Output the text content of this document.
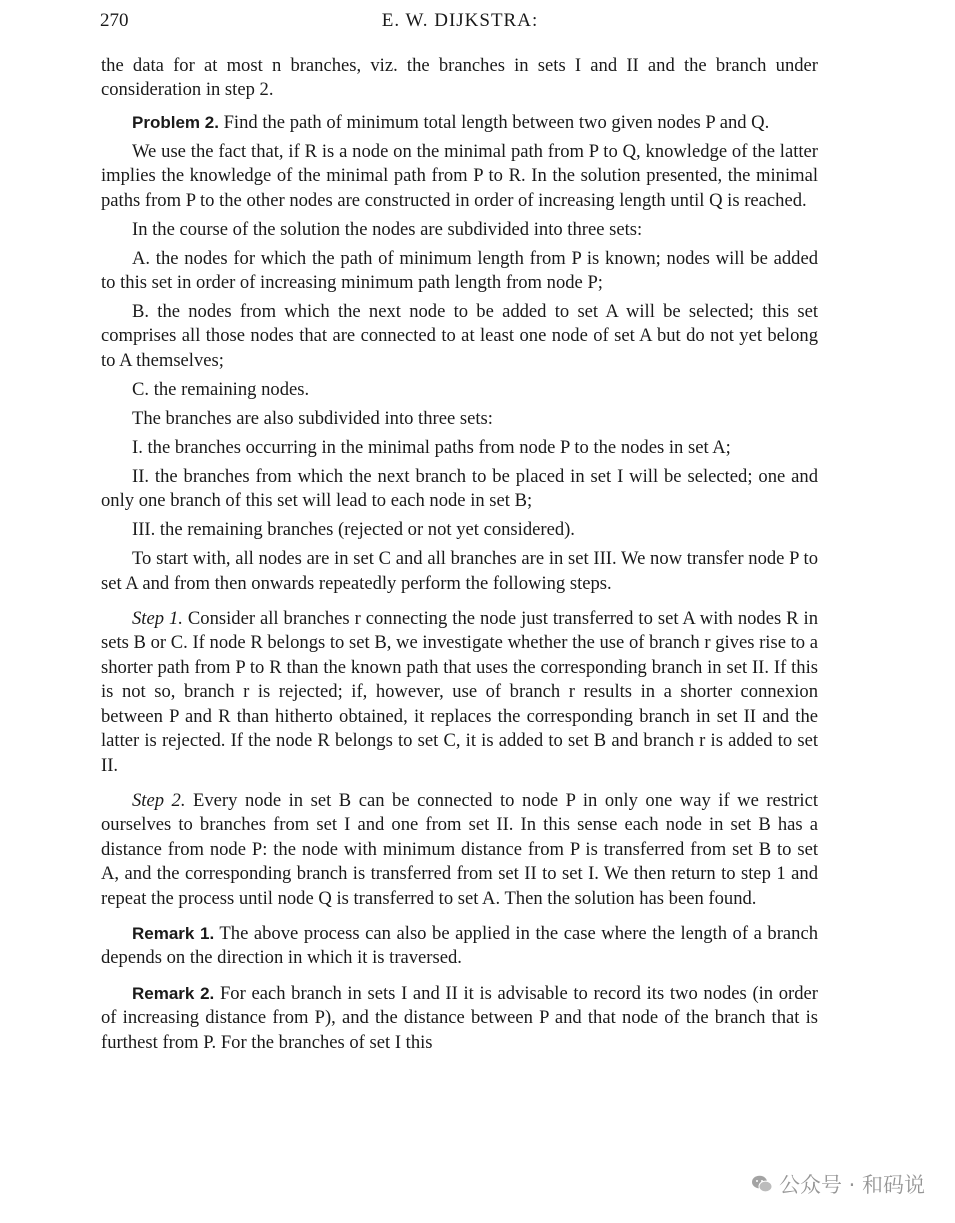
270	E. W. DIJKSTRA:

the data for at most n branches, viz. the branches in sets I and II and the branch under consideration in step 2.

Problem 2. Find the path of minimum total length between two given nodes P and Q.

We use the fact that, if R is a node on the minimal path from P to Q, knowledge of the latter implies the knowledge of the minimal path from P to R. In the solution presented, the minimal paths from P to the other nodes are constructed in order of increasing length until Q is reached.

In the course of the solution the nodes are subdivided into three sets:

A. the nodes for which the path of minimum length from P is known; nodes will be added to this set in order of increasing minimum path length from node P;

B. the nodes from which the next node to be added to set A will be selected; this set comprises all those nodes that are connected to at least one node of set A but do not yet belong to A themselves;

C. the remaining nodes.

The branches are also subdivided into three sets:

I. the branches occurring in the minimal paths from node P to the nodes in set A;

II. the branches from which the next branch to be placed in set I will be selected; one and only one branch of this set will lead to each node in set B;

III. the remaining branches (rejected or not yet considered).

To start with, all nodes are in set C and all branches are in set III. We now transfer node P to set A and from then onwards repeatedly perform the following steps.

Step 1. Consider all branches r connecting the node just transferred to set A with nodes R in sets B or C. If node R belongs to set B, we investigate whether the use of branch r gives rise to a shorter path from P to R than the known path that uses the corresponding branch in set II. If this is not so, branch r is rejected; if, however, use of branch r results in a shorter connexion between P and R than hitherto obtained, it replaces the corresponding branch in set II and the latter is rejected. If the node R belongs to set C, it is added to set B and branch r is added to set II.

Step 2. Every node in set B can be connected to node P in only one way if we restrict ourselves to branches from set I and one from set II. In this sense each node in set B has a distance from node P: the node with minimum distance from P is transferred from set B to set A, and the corresponding branch is transferred from set II to set I. We then return to step 1 and repeat the process until node Q is transferred to set A. Then the solution has been found.

Remark 1. The above process can also be applied in the case where the length of a branch depends on the direction in which it is traversed.

Remark 2. For each branch in sets I and II it is advisable to record its two nodes (in order of increasing distance from P), and the distance between P and that node of the branch that is furthest from P. For the branches of set I this

公众号 · 和码说
